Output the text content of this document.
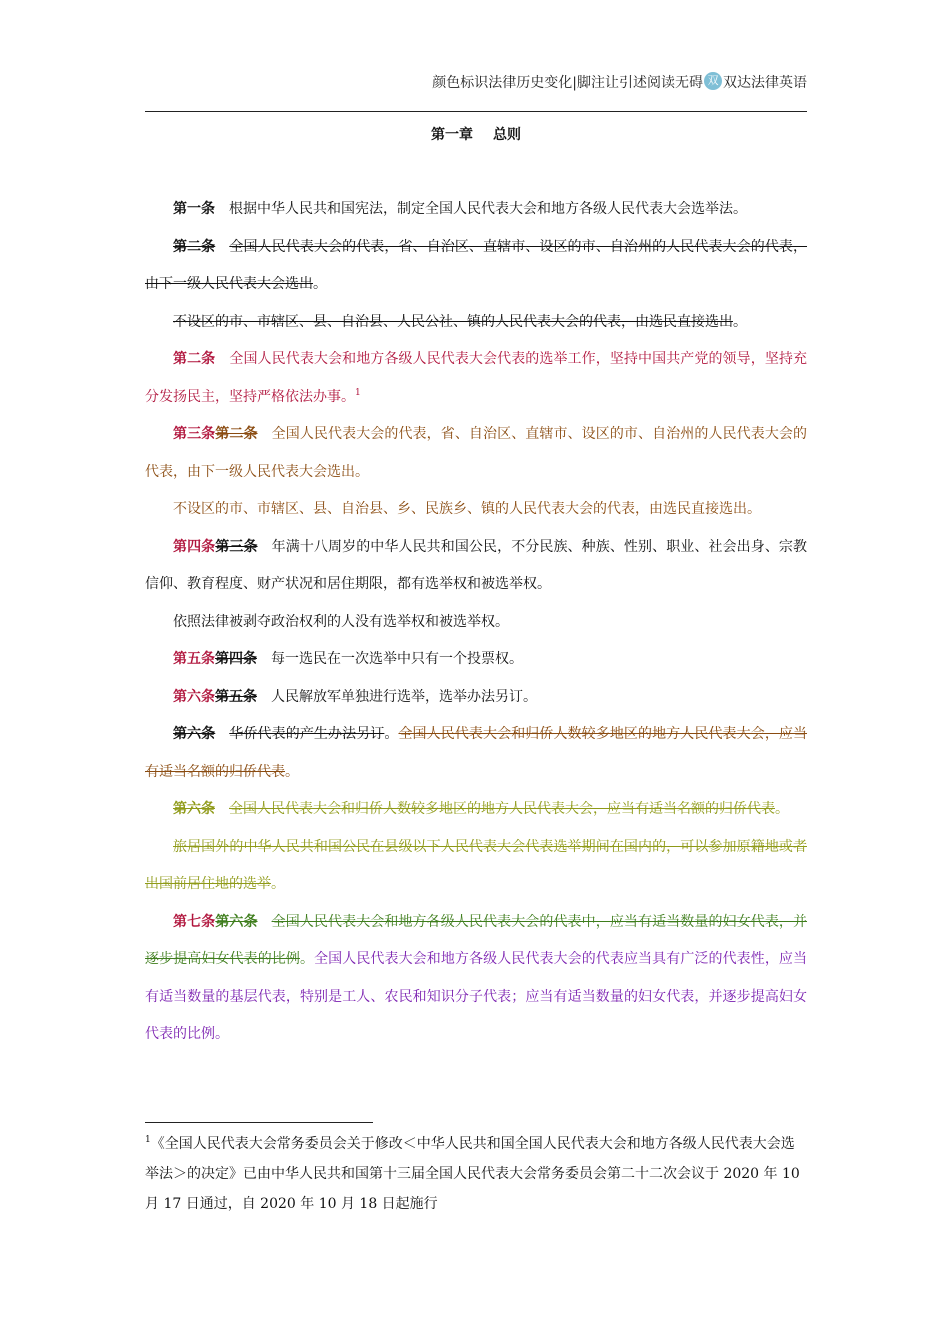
颜色标识法律历史变化|脚注让引述阅读无碍 双 双达法律英语
第一章 总则

第一条 根据中华人民共和国宪法，制定全国人民代表大会和地方各级人民代表大会选举法。

第二条 全国人民代表大会的代表，省、自治区、直辖市、设区的市、自治州的人民代表大会的代表，由下一级人民代表大会选出。

不设区的市、市辖区、县、自治县、人民公社、镇的人民代表大会的代表，由选民直接选出。

第二条 全国人民代表大会和地方各级人民代表大会代表的选举工作，坚持中国共产党的领导，坚持充分发扬民主，坚持严格依法办事。$^1$

第三条第二条 全国人民代表大会的代表，省、自治区、直辖市、设区的市、自治州的人民代表大会的代表，由下一级人民代表大会选出。

不设区的市、市辖区、县、自治县、乡、民族乡、镇的人民代表大会的代表，由选民直接选出。

第四条第三条 年满十八周岁的中华人民共和国公民，不分民族、种族、性别、职业、社会出身、宗教信仰、教育程度、财产状况和居住期限，都有选举权和被选举权。

依照法律被剥夺政治权利的人没有选举权和被选举权。

第五条第四条 每一选民在一次选举中只有一个投票权。

第六条第五条 人民解放军单独进行选举，选举办法另订。

第六条 华侨代表的产生办法另订。全国人民代表大会和归侨人数较多地区的地方人民代表大会，应当有适当名额的归侨代表。

第六条 全国人民代表大会和归侨人数较多地区的地方人民代表大会，应当有适当名额的归侨代表。

旅居国外的中华人民共和国公民在县级以下人民代表大会代表选举期间在国内的，可以参加原籍地或者出国前居住地的选举。

第七条第六条 全国人民代表大会和地方各级人民代表大会的代表中，应当有适当数量的妇女代表，并逐步提高妇女代表的比例。全国人民代表大会和地方各级人民代表大会的代表应当具有广泛的代表性，应当有适当数量的基层代表，特别是工人、农民和知识分子代表；应当有适当数量的妇女代表，并逐步提高妇女代表的比例。

$^1$《全国人民代表大会常务委员会关于修改＜中华人民共和国全国人民代表大会和地方各级人民代表大会选举法＞的决定》已由中华人民共和国第十三届全国人民代表大会常务委员会第二十二次会议于 2020 年 10 月 17 日通过，自 2020 年 10 月 18 日起施行
